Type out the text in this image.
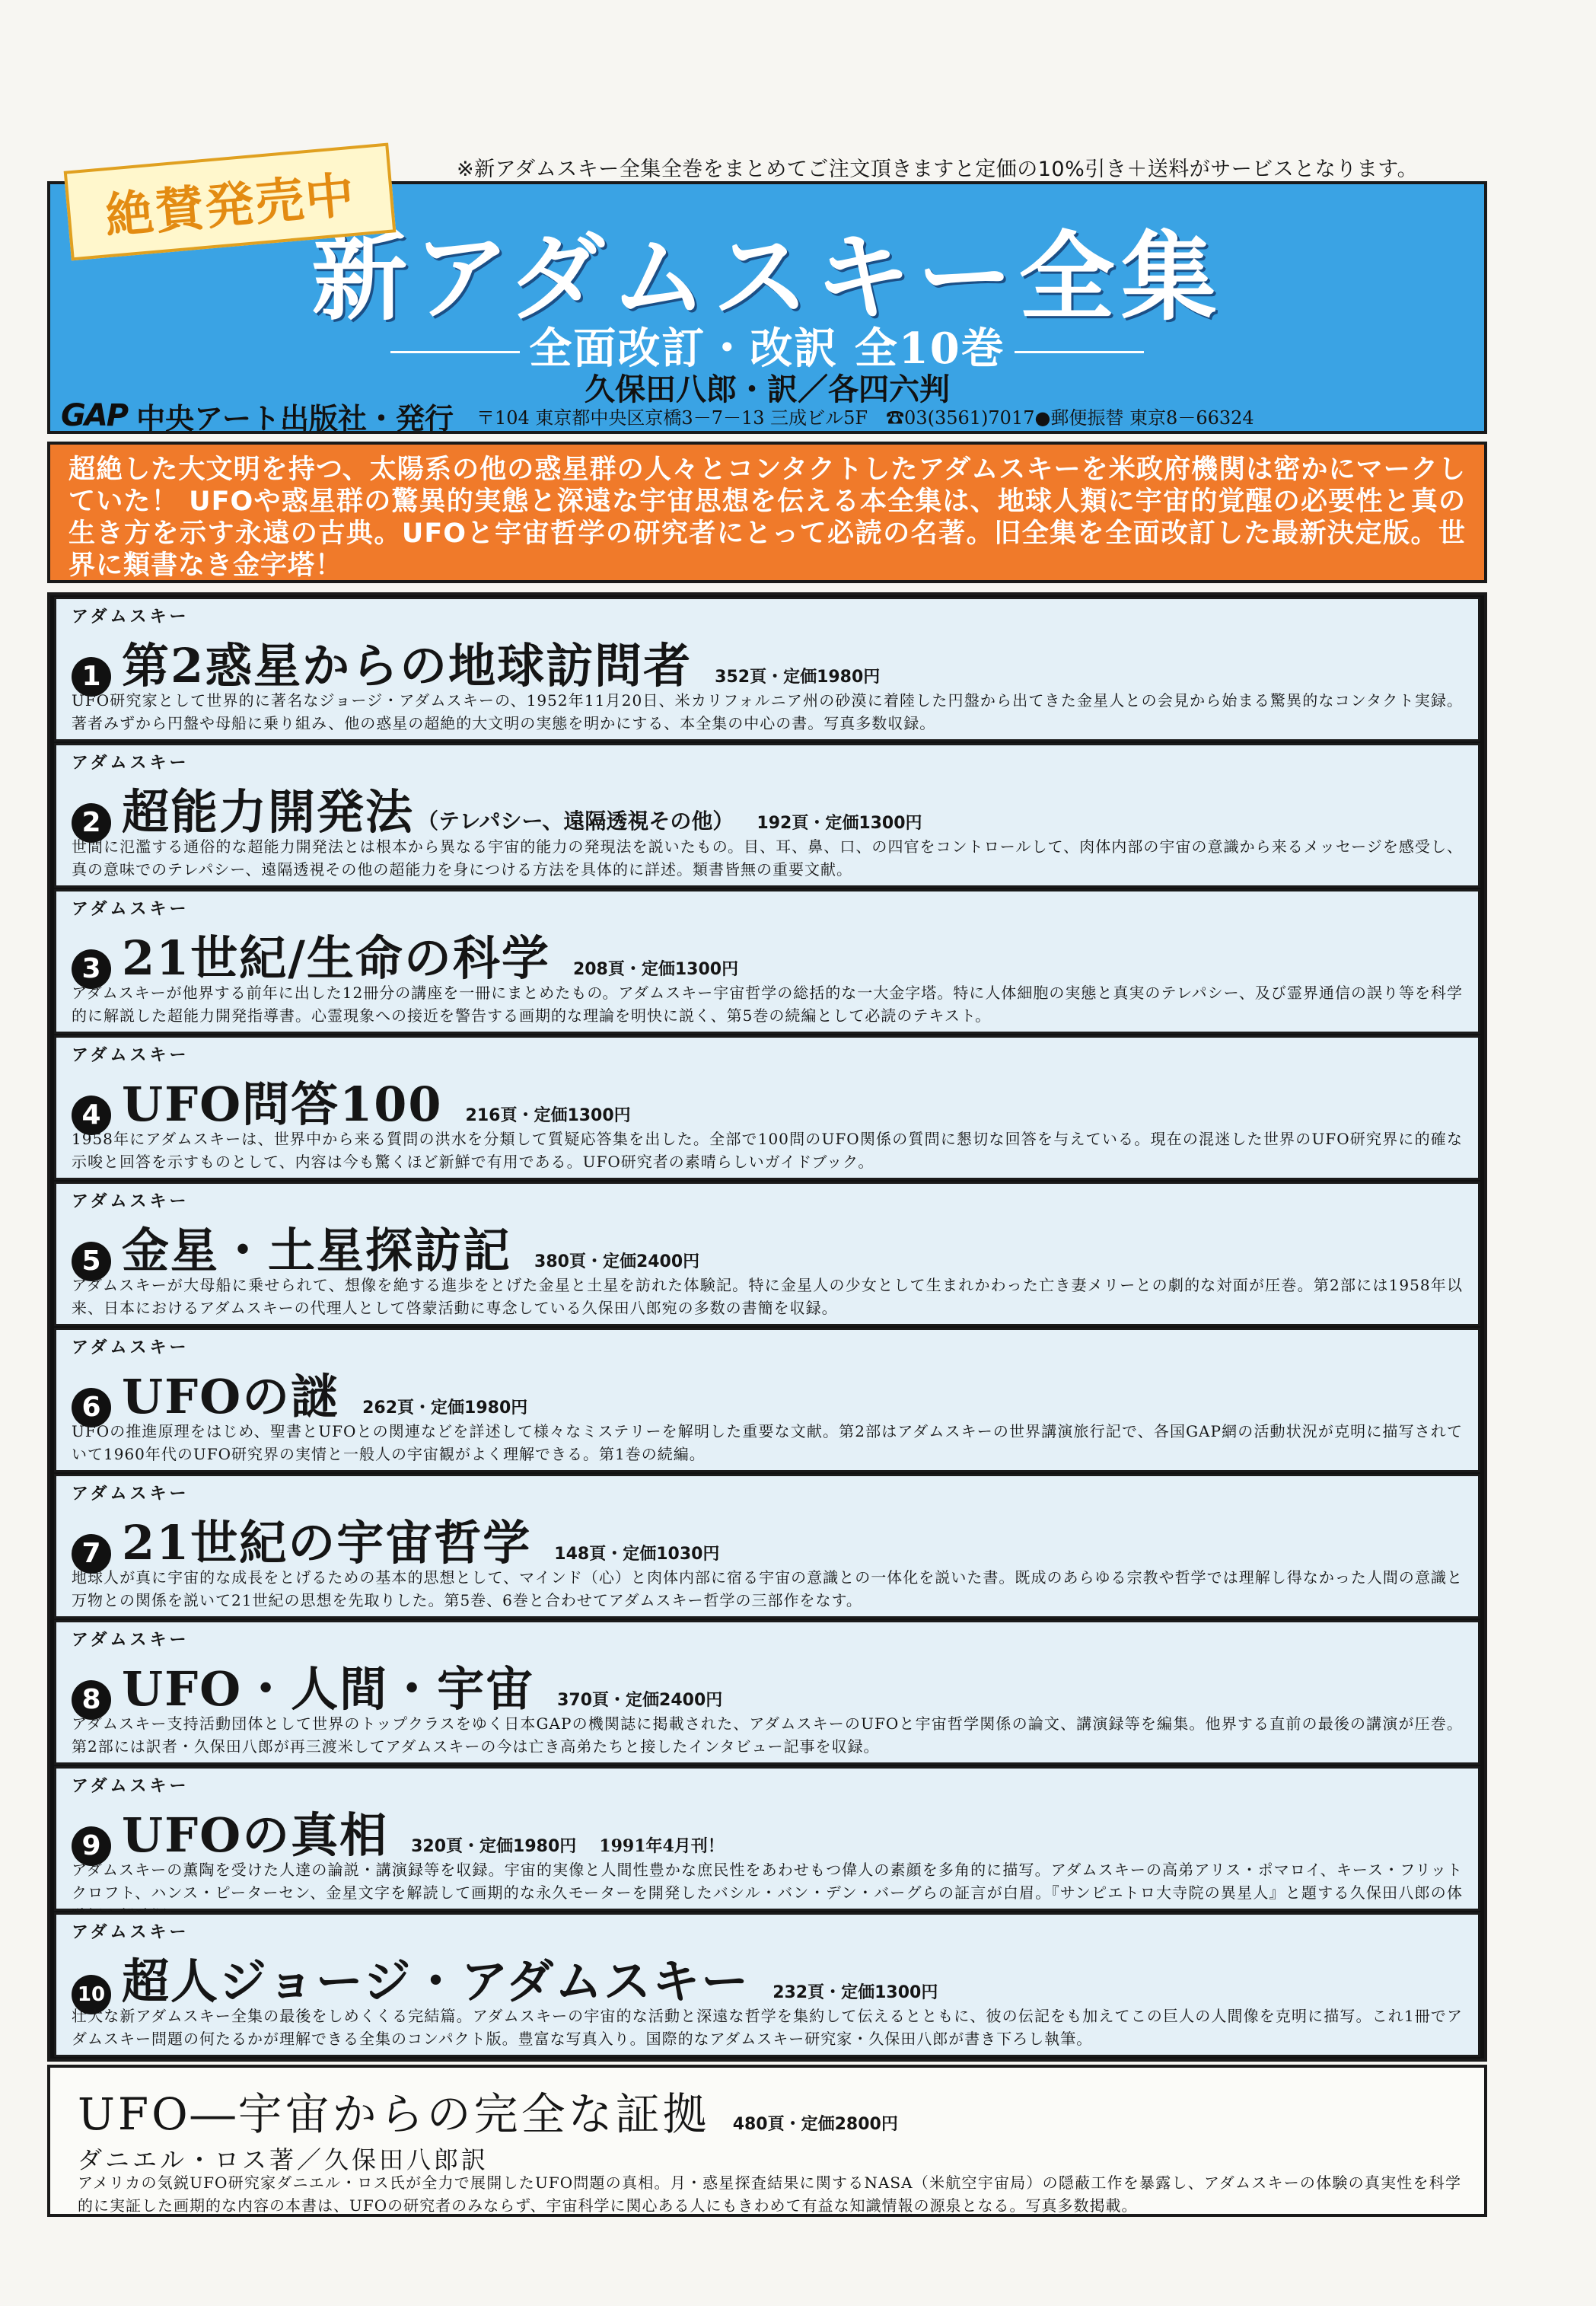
※新アダムスキー全集全巻をまとめてご注文頂きますと定価の10%引き＋送料がサービスとなります。
絶賛発売中
新アダムスキー全集
全面改訂・改訳 全10巻
久保田八郎・訳／各四六判
GAP 中央アート出版社・発行 〒104 東京都中央区京橋3－7－13 三成ビル5F ☎03(3561)7017●郵便振替 東京8－66324
超絶した大文明を持つ、太陽系の他の惑星群の人々とコンタクトしたアダムスキーを米政府機関は密かにマークしていた！ UFOや惑星群の驚異的実態と深遠な宇宙思想を伝える本全集は、地球人類に宇宙的覚醒の必要性と真の生き方を示す永遠の古典。UFOと宇宙哲学の研究者にとって必読の名著。旧全集を全面改訂した最新決定版。世界に類書なき金字塔！
アダムスキー
1 第2惑星からの地球訪問者 352頁・定価1980円
UFO研究家として世界的に著名なジョージ・アダムスキーの、1952年11月20日、米カリフォルニア州の砂漠に着陸した円盤から出てきた金星人との会見から始まる驚異的なコンタクト実録。著者みずから円盤や母船に乗り組み、他の惑星の超絶的大文明の実態を明かにする、本全集の中心の書。写真多数収録。
アダムスキー
2 超能力開発法 （テレパシー、遠隔透視その他） 192頁・定価1300円
世間に氾濫する通俗的な超能力開発法とは根本から異なる宇宙的能力の発現法を説いたもの。目、耳、鼻、口、の四官をコントロールして、肉体内部の宇宙の意識から来るメッセージを感受し、真の意味でのテレパシー、遠隔透視その他の超能力を身につける方法を具体的に詳述。類書皆無の重要文献。
アダムスキー
3 21世紀/生命の科学 208頁・定価1300円
アダムスキーが他界する前年に出した12冊分の講座を一冊にまとめたもの。アダムスキー宇宙哲学の総括的な一大金字塔。特に人体細胞の実態と真実のテレパシー、及び霊界通信の誤り等を科学的に解説した超能力開発指導書。心霊現象への接近を警告する画期的な理論を明快に説く、第5巻の続編として必読のテキスト。
アダムスキー
4 UFO問答100 216頁・定価1300円
1958年にアダムスキーは、世界中から来る質問の洪水を分類して質疑応答集を出した。全部で100問のUFO関係の質問に懇切な回答を与えている。現在の混迷した世界のUFO研究界に的確な示唆と回答を示すものとして、内容は今も驚くほど新鮮で有用である。UFO研究者の素晴らしいガイドブック。
アダムスキー
5 金星・土星探訪記 380頁・定価2400円
アダムスキーが大母船に乗せられて、想像を絶する進歩をとげた金星と土星を訪れた体験記。特に金星人の少女として生まれかわった亡き妻メリーとの劇的な対面が圧巻。第2部には1958年以来、日本におけるアダムスキーの代理人として啓蒙活動に専念している久保田八郎宛の多数の書簡を収録。
アダムスキー
6 UFOの謎 262頁・定価1980円
UFOの推進原理をはじめ、聖書とUFOとの関連などを詳述して様々なミステリーを解明した重要な文献。第2部はアダムスキーの世界講演旅行記で、各国GAP網の活動状況が克明に描写されていて1960年代のUFO研究界の実情と一般人の宇宙観がよく理解できる。第1巻の続編。
アダムスキー
7 21世紀の宇宙哲学 148頁・定価1030円
地球人が真に宇宙的な成長をとげるための基本的思想として、マインド（心）と肉体内部に宿る宇宙の意識との一体化を説いた書。既成のあらゆる宗教や哲学では理解し得なかった人間の意識と万物との関係を説いて21世紀の思想を先取りした。第5巻、6巻と合わせてアダムスキー哲学の三部作をなす。
アダムスキー
8 UFO・人間・宇宙 370頁・定価2400円
アダムスキー支持活動団体として世界のトップクラスをゆく日本GAPの機関誌に掲載された、アダムスキーのUFOと宇宙哲学関係の論文、講演録等を編集。他界する直前の最後の講演が圧巻。第2部には訳者・久保田八郎が再三渡米してアダムスキーの今は亡き高弟たちと接したインタビュー記事を収録。
アダムスキー
9 UFOの真相 320頁・定価1980円 1991年4月刊！
アダムスキーの薫陶を受けた人達の論説・講演録等を収録。宇宙的実像と人間性豊かな庶民性をあわせもつ偉人の素顔を多角的に描写。アダムスキーの高弟アリス・ポマロイ、キース・フリットクロフト、ハンス・ピーターセン、金星文字を解読して画期的な永久モーターを開発したバシル・バン・デン・バーグらの証言が白眉。『サンピエトロ大寺院の異星人』と題する久保田八郎の体
アダムスキー
10 超人ジョージ・アダムスキー 232頁・定価1300円
壮大な新アダムスキー全集の最後をしめくくる完結篇。アダムスキーの宇宙的な活動と深遠な哲学を集約して伝えるとともに、彼の伝記をも加えてこの巨人の人間像を克明に描写。これ1冊でアダムスキー問題の何たるかが理解できる全集のコンパクト版。豊富な写真入り。国際的なアダムスキー研究家・久保田八郎が書き下ろし執筆。
UFO―宇宙からの完全な証拠 480頁・定価2800円
ダニエル・ロス著／久保田八郎訳
アメリカの気鋭UFO研究家ダニエル・ロス氏が全力で展開したUFO問題の真相。月・惑星探査結果に関するNASA（米航空宇宙局）の隠蔽工作を暴露し、アダムスキーの体験の真実性を科学的に実証した画期的な内容の本書は、UFOの研究者のみならず、宇宙科学に関心ある人にもきわめて有益な知識情報の源泉となる。写真多数掲載。
